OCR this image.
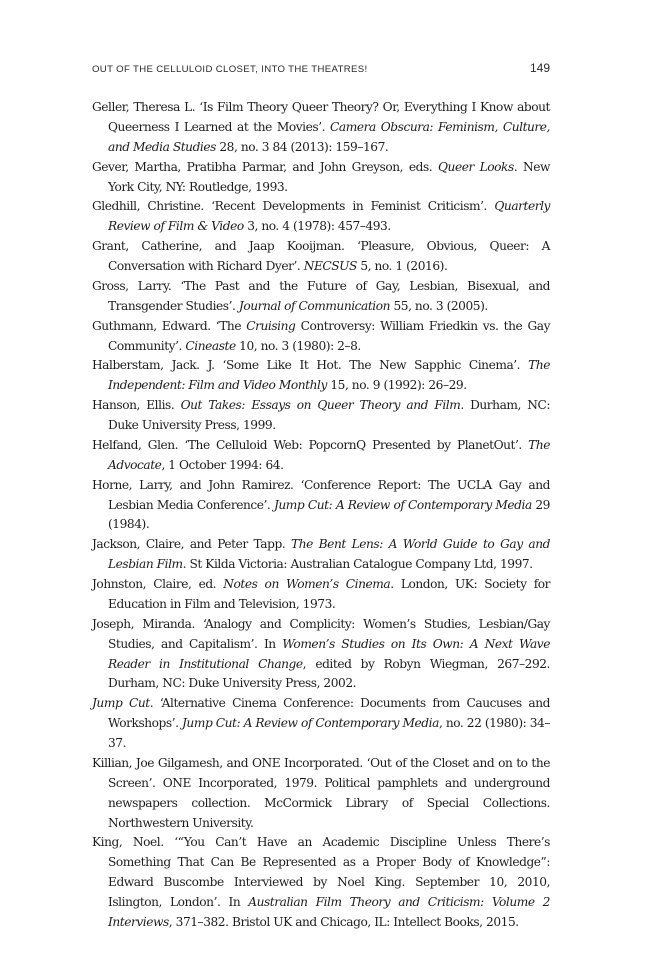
OUT OF THE CELLULOID CLOSET, INTO THE THEATRES!	149

Geller, Theresa L. ‘Is Film Theory Queer Theory? Or, Everything I Know about Queerness I Learned at the Movies’. Camera Obscura: Feminism, Culture, and Media Studies 28, no. 3 84 (2013): 159–167.

Gever, Martha, Pratibha Parmar, and John Greyson, eds. Queer Looks. New York City, NY: Routledge, 1993.

Gledhill, Christine. ‘Recent Developments in Feminist Criticism’. Quarterly Review of Film & Video 3, no. 4 (1978): 457–493.

Grant, Catherine, and Jaap Kooijman. ‘Pleasure, Obvious, Queer: A Conversation with Richard Dyer’. NECSUS 5, no. 1 (2016).

Gross, Larry. ‘The Past and the Future of Gay, Lesbian, Bisexual, and Transgender Studies’. Journal of Communication 55, no. 3 (2005).

Guthmann, Edward. ‘The Cruising Controversy: William Friedkin vs. the Gay Community’. Cineaste 10, no. 3 (1980): 2–8.

Halberstam, Jack. J. ‘Some Like It Hot. The New Sapphic Cinema’. The Independent: Film and Video Monthly 15, no. 9 (1992): 26–29.

Hanson, Ellis. Out Takes: Essays on Queer Theory and Film. Durham, NC: Duke University Press, 1999.

Helfand, Glen. ‘The Celluloid Web: PopcornQ Presented by PlanetOut’. The Advocate, 1 October 1994: 64.

Horne, Larry, and John Ramirez. ‘Conference Report: The UCLA Gay and Lesbian Media Conference’. Jump Cut: A Review of Contemporary Media 29 (1984).

Jackson, Claire, and Peter Tapp. The Bent Lens: A World Guide to Gay and Lesbian Film. St Kilda Victoria: Australian Catalogue Company Ltd, 1997.

Johnston, Claire, ed. Notes on Women’s Cinema. London, UK: Society for Education in Film and Television, 1973.

Joseph, Miranda. ‘Analogy and Complicity: Women’s Studies, Lesbian/Gay Studies, and Capitalism’. In Women’s Studies on Its Own: A Next Wave Reader in Institutional Change, edited by Robyn Wiegman, 267–292. Durham, NC: Duke University Press, 2002.

Jump Cut. ‘Alternative Cinema Conference: Documents from Caucuses and Workshops’. Jump Cut: A Review of Contemporary Media, no. 22 (1980): 34–37.

Killian, Joe Gilgamesh, and ONE Incorporated. ‘Out of the Closet and on to the Screen’. ONE Incorporated, 1979. Political pamphlets and underground newspapers collection. McCormick Library of Special Collections. Northwestern University.

King, Noel. ‘“You Can’t Have an Academic Discipline Unless There’s Something That Can Be Represented as a Proper Body of Knowledge”: Edward Buscombe Interviewed by Noel King. September 10, 2010, Islington, London’. In Australian Film Theory and Criticism: Volume 2 Interviews, 371–382. Bristol UK and Chicago, IL: Intellect Books, 2015.
